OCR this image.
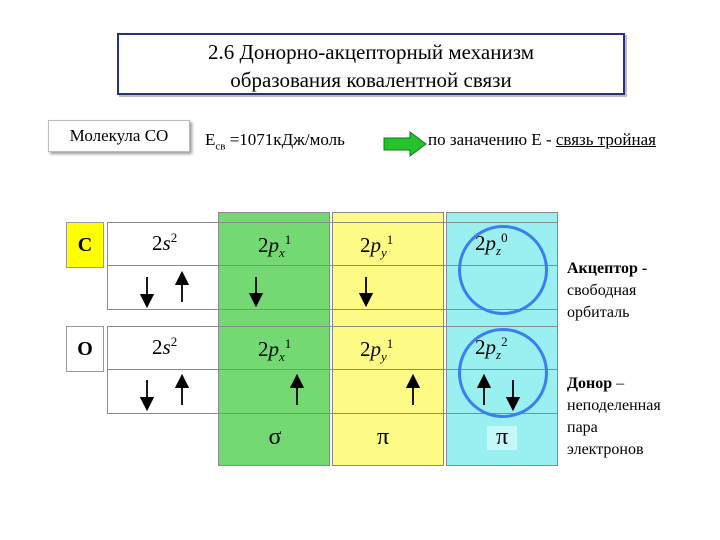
2.6 Донорно-акцепторный механизм
образования ковалентной связи
Молекула СО	$E_{св}$ =1071кДж/моль	по заначению Е - связь тройная
С
O
$2s^2$	$2p_x^1$	$2p_y^1$	$2p_z^0$
$2s^2$	$2p_x^1$	$2p_y^1$	$2p_z^2$
σ	π	π
Акцептор -
свободная
орбиталь
Донор –
неподеленная
пара
электронов
